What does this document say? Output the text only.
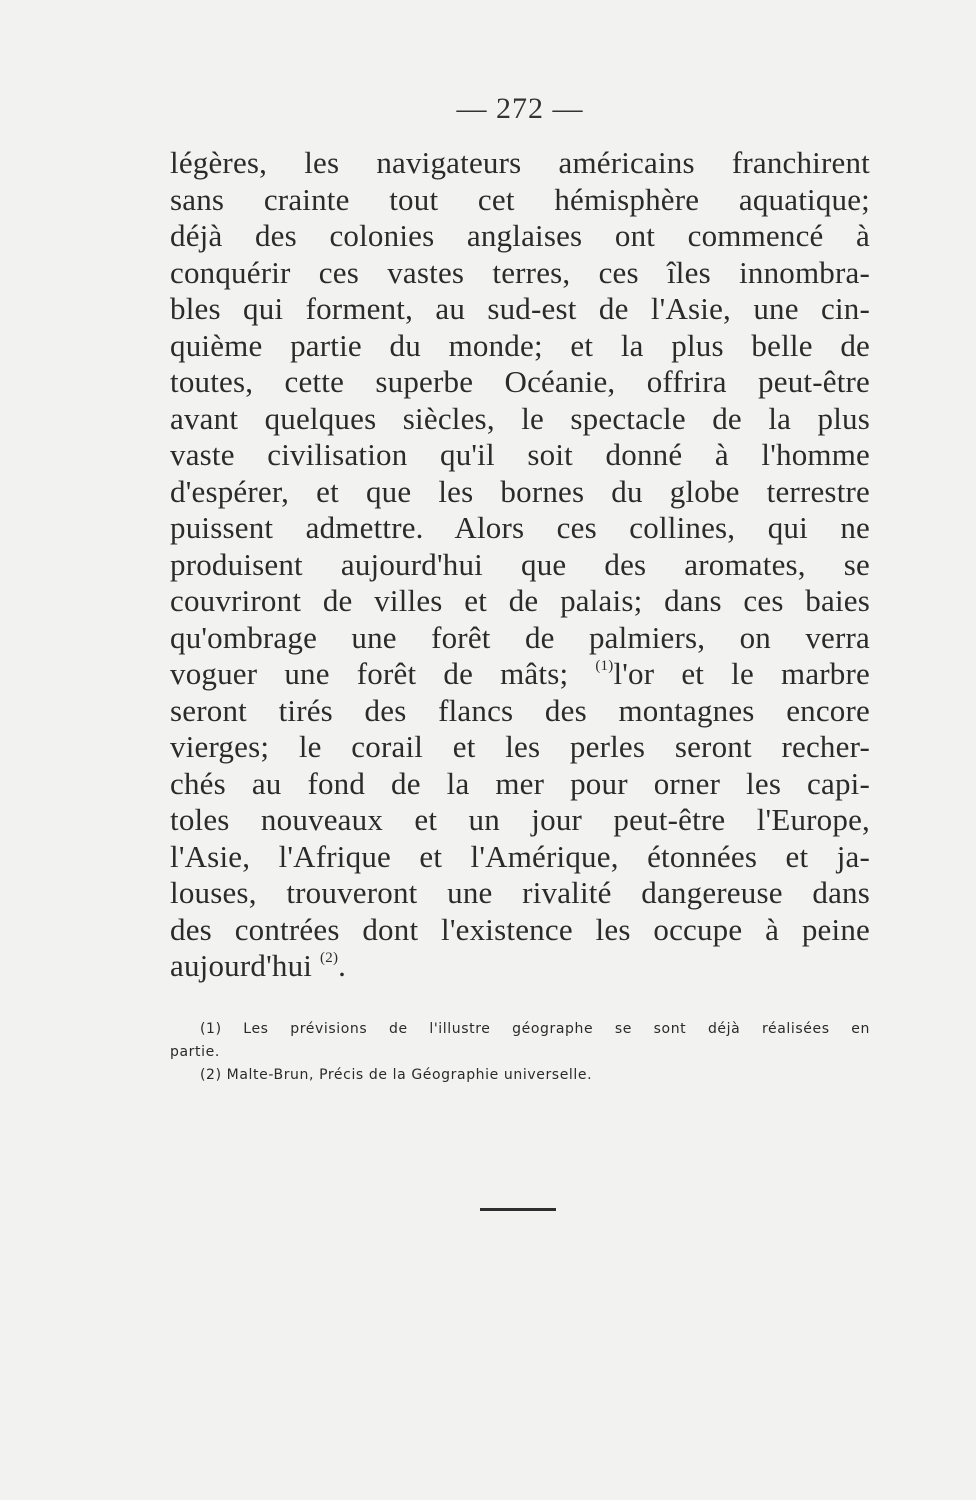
— 272 —
légères, les navigateurs américains franchirent
sans crainte tout cet hémisphère aquatique;
déjà des colonies anglaises ont commencé à
conquérir ces vastes terres, ces îles innombra-
bles qui forment, au sud-est de l'Asie, une cin-
quième partie du monde; et la plus belle de
toutes, cette superbe Océanie, offrira peut-être
avant quelques siècles, le spectacle de la plus
vaste civilisation qu'il soit donné à l'homme
d'espérer, et que les bornes du globe terrestre
puissent admettre. Alors ces collines, qui ne
produisent aujourd'hui que des aromates, se
couvriront de villes et de palais; dans ces baies
qu'ombrage une forêt de palmiers, on verra
voguer une forêt de mâts; $^{(1)}$l'or et le marbre
seront tirés des flancs des montagnes encore
vierges; le corail et les perles seront recher-
chés au fond de la mer pour orner les capi-
toles nouveaux et un jour peut-être l'Europe,
l'Asie, l'Afrique et l'Amérique, étonnées et ja-
louses, trouveront une rivalité dangereuse dans
des contrées dont l'existence les occupe à peine
aujourd'hui $^{(2)}$.
(1) Les prévisions de l'illustre géographe se sont déjà réalisées en
partie.
(2) Malte-Brun, Précis de la Géographie universelle.
